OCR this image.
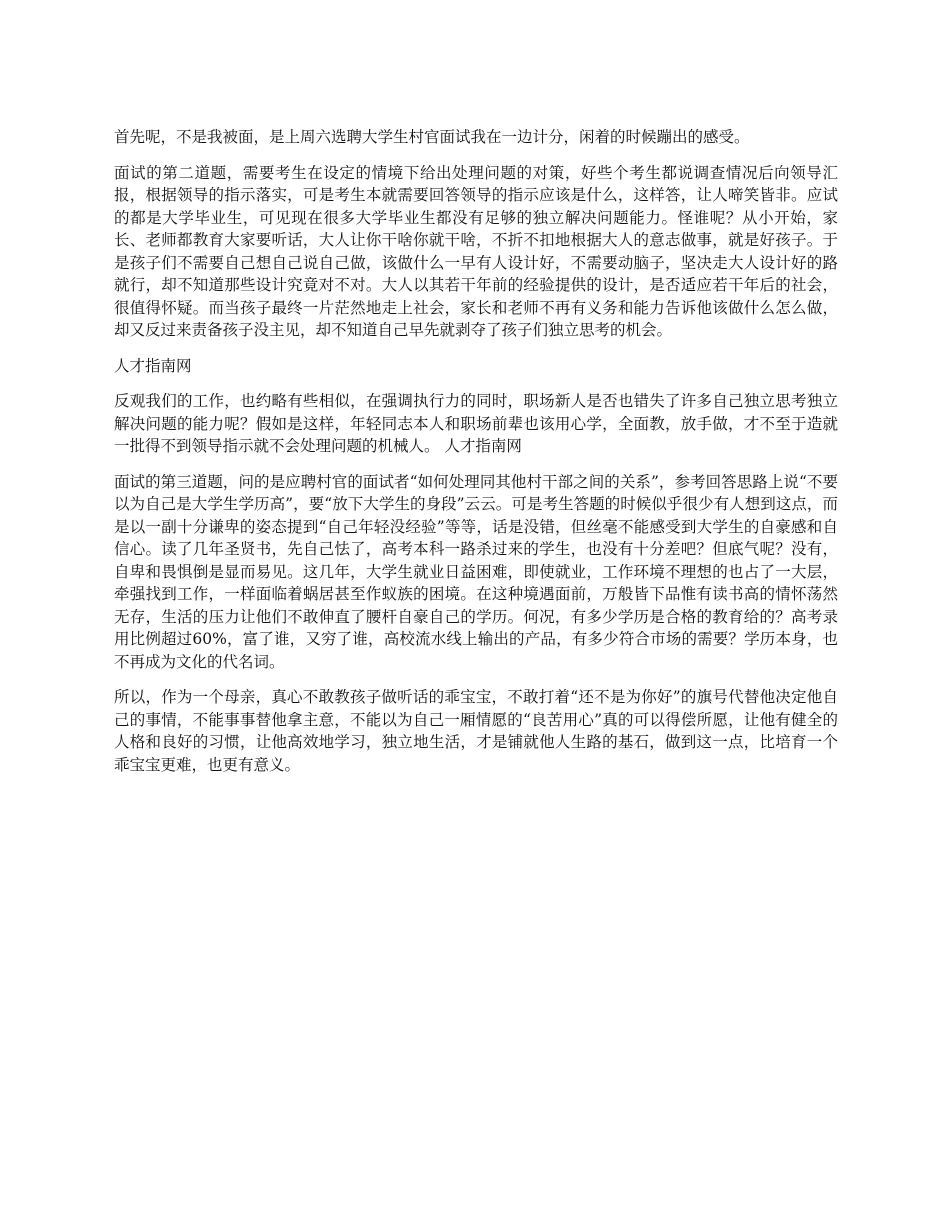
首先呢，不是我被面，是上周六选聘大学生村官面试我在一边计分，闲着的时候蹦出的感受。

面试的第二道题，需要考生在设定的情境下给出处理问题的对策，好些个考生都说调查情况后向领导汇报，根据领导的指示落实，可是考生本就需要回答领导的指示应该是什么，这样答，让人啼笑皆非。应试的都是大学毕业生，可见现在很多大学毕业生都没有足够的独立解决问题能力。怪谁呢？从小开始，家长、老师都教育大家要听话，大人让你干啥你就干啥，不折不扣地根据大人的意志做事，就是好孩子。于是孩子们不需要自己想自己说自己做，该做什么一早有人设计好，不需要动脑子，坚决走大人设计好的路就行，却不知道那些设计究竟对不对。大人以其若干年前的经验提供的设计，是否适应若干年后的社会，很值得怀疑。而当孩子最终一片茫然地走上社会，家长和老师不再有义务和能力告诉他该做什么怎么做，却又反过来责备孩子没主见，却不知道自己早先就剥夺了孩子们独立思考的机会。

人才指南网

反观我们的工作，也约略有些相似，在强调执行力的同时，职场新人是否也错失了许多自己独立思考独立解决问题的能力呢？假如是这样，年轻同志本人和职场前辈也该用心学，全面教，放手做，才不至于造就一批得不到领导指示就不会处理问题的机械人。 人才指南网

面试的第三道题，问的是应聘村官的面试者“如何处理同其他村干部之间的关系”，参考回答思路上说“不要以为自己是大学生学历高”，要“放下大学生的身段”云云。可是考生答题的时候似乎很少有人想到这点，而是以一副十分谦卑的姿态提到“自己年轻没经验”等等，话是没错，但丝毫不能感受到大学生的自豪感和自信心。读了几年圣贤书，先自己怯了，高考本科一路杀过来的学生，也没有十分差吧？但底气呢？没有，自卑和畏惧倒是显而易见。这几年，大学生就业日益困难，即使就业，工作环境不理想的也占了一大层，牵强找到工作，一样面临着蜗居甚至作蚁族的困境。在这种境遇面前，万般皆下品惟有读书高的情怀荡然无存，生活的压力让他们不敢伸直了腰杆自豪自己的学历。何况，有多少学历是合格的教育给的？高考录用比例超过60%，富了谁，又穷了谁，高校流水线上输出的产品，有多少符合市场的需要？学历本身，也不再成为文化的代名词。

所以，作为一个母亲，真心不敢教孩子做听话的乖宝宝，不敢打着“还不是为你好”的旗号代替他决定他自己的事情，不能事事替他拿主意，不能以为自己一厢情愿的“良苦用心”真的可以得偿所愿，让他有健全的人格和良好的习惯，让他高效地学习，独立地生活，才是铺就他人生路的基石，做到这一点，比培育一个乖宝宝更难，也更有意义。
